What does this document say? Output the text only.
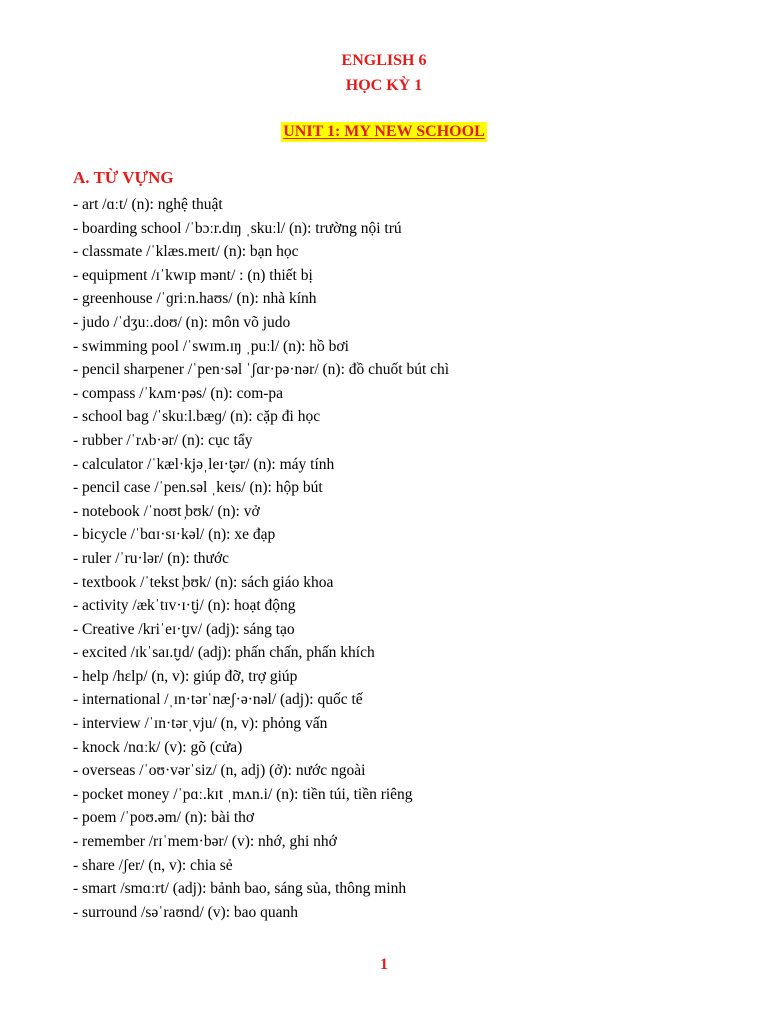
ENGLISH 6
HỌC KỲ 1
UNIT 1: MY NEW SCHOOL
A. TỪ VỰNG
- art /ɑːt/ (n): nghệ thuật
- boarding school /ˈbɔːr.dɪŋ ˌskuːl/ (n): trường nội trú
- classmate /ˈklæs.meɪt/ (n): bạn học
- equipment /ɪˈkwɪp mənt/ : (n) thiết bị
- greenhouse /ˈɡriːn.haʊs/ (n): nhà kính
- judo /ˈdʒuː.doʊ/ (n): môn võ judo
- swimming pool /ˈswɪm.ɪŋ ˌpuːl/ (n): hồ bơi
- pencil sharpener /ˈpen·səl ˈʃɑr·pə·nər/ (n): đồ chuốt bút chì
- compass /ˈkʌm·pəs/ (n): com-pa
- school bag /ˈskuːl.bæɡ/ (n): cặp đi học
- rubber /ˈrʌb·ər/ (n): cục tẩy
- calculator /ˈkæl·kjəˌleɪ·t̬ər/ (n): máy tính
- pencil case /ˈpen.səl ˌkeɪs/ (n): hộp bút
- notebook /ˈnoʊt ̦bʊk/ (n): vở
- bicycle /ˈbɑɪ·sɪ·kəl/ (n): xe đạp
- ruler /ˈru·lər/ (n): thước
- textbook /ˈtekst ̦bʊk/ (n): sách giáo khoa
- activity /ækˈtɪv·ɪ·t̬i/ (n): hoạt động
- Creative /kriˈeɪ·t̬ɪv/ (adj): sáng tạo
- excited /ɪkˈsaɪ.t̬ɪd/ (adj): phấn chấn, phấn khích
- help /hɛlp/ (n, v): giúp đỡ, trợ giúp
- international /ˌɪn·tərˈnæʃ·ə·nəl/ (adj): quốc tế
- interview /ˈɪn·tərˌvju/ (n, v): phỏng vấn
- knock /nɑːk/ (v): gõ (cửa)
- overseas /ˈoʊ·vərˈsiz/ (n, adj) (ở): nước ngoài
- pocket money /ˈpɑː.kɪt ˌmʌn.i/ (n): tiền túi, tiền riêng
- poem /ˈpoʊ.əm/ (n): bài thơ
- remember /rɪˈmem·bər/ (v): nhớ, ghi nhớ
- share /ʃer/ (n, v): chia sẻ
- smart /smɑːrt/ (adj): bảnh bao, sáng sủa, thông minh
- surround /səˈraʊnd/ (v): bao quanh
1
